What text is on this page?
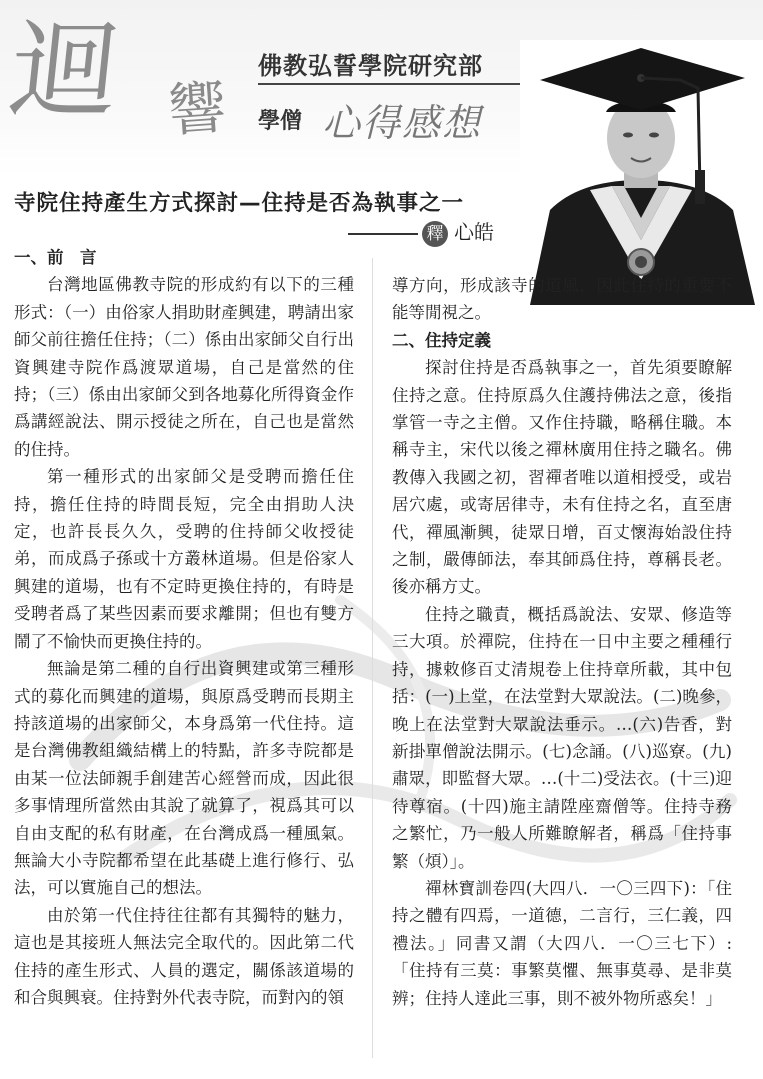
迴 響
佛教弘誓學院研究部
學僧 心得感想
寺院住持產生方式探討—住持是否為執事之一
釋 心皓

一、前　言

台灣地區佛教寺院的形成約有以下的三種形式：（一）由俗家人捐助財產興建，聘請出家師父前往擔任住持；（二）係由出家師父自行出資興建寺院作爲渡眾道場，自己是當然的住持；（三）係由出家師父到各地募化所得資金作爲講經說法、開示授徒之所在，自己也是當然的住持。

第一種形式的出家師父是受聘而擔任住持，擔任住持的時間長短，完全由捐助人決定，也許長長久久，受聘的住持師父收授徒弟，而成爲子孫或十方叢林道場。但是俗家人興建的道場，也有不定時更換住持的，有時是受聘者爲了某些因素而要求離開；但也有雙方鬧了不愉快而更換住持的。

無論是第二種的自行出資興建或第三種形式的募化而興建的道場，與原爲受聘而長期主持該道場的出家師父，本身爲第一代住持。這是台灣佛教組織結構上的特點，許多寺院都是由某一位法師親手創建苦心經營而成，因此很多事情理所當然由其說了就算了，視爲其可以自由支配的私有財產，在台灣成爲一種風氣。無論大小寺院都希望在此基礎上進行修行、弘法，可以實施自己的想法。

由於第一代住持往往都有其獨特的魅力，這也是其接班人無法完全取代的。因此第二代住持的產生形式、人員的選定，關係該道場的和合與興衰。住持對外代表寺院，而對內的領

導方向，形成該寺的道風，因此住持的重要不能等閒視之。

二、住持定義

探討住持是否爲執事之一，首先須要瞭解住持之意。住持原爲久住護持佛法之意，後指掌管一寺之主僧。又作住持職，略稱住職。本稱寺主，宋代以後之禪林廣用住持之職名。佛教傳入我國之初，習禪者唯以道相授受，或岩居穴處，或寄居律寺，未有住持之名，直至唐代，禪風漸興，徒眾日增，百丈懷海始設住持之制，嚴傳師法，奉其師爲住持，尊稱長老。後亦稱方丈。

住持之職責，概括爲說法、安眾、修造等三大項。於禪院，住持在一日中主要之種種行持，據敕修百丈清規卷上住持章所載，其中包括：(一)上堂，在法堂對大眾說法。(二)晚參，晚上在法堂對大眾說法垂示。…(六)告香，對新掛單僧說法開示。(七)念誦。(八)巡寮。(九)肅眾，即監督大眾。…(十二)受法衣。(十三)迎待尊宿。(十四)施主請陞座齋僧等。住持寺務之繁忙，乃一般人所難瞭解者，稱爲「住持事繁（煩）」。

禪林寶訓卷四(大四八．一〇三四下)：「住持之體有四焉，一道德，二言行，三仁義，四禮法。」同書又謂（大四八．一〇三七下）:「住持有三莫：事繁莫懼、無事莫尋、是非莫辨；住持人達此三事，則不被外物所惑矣！」
